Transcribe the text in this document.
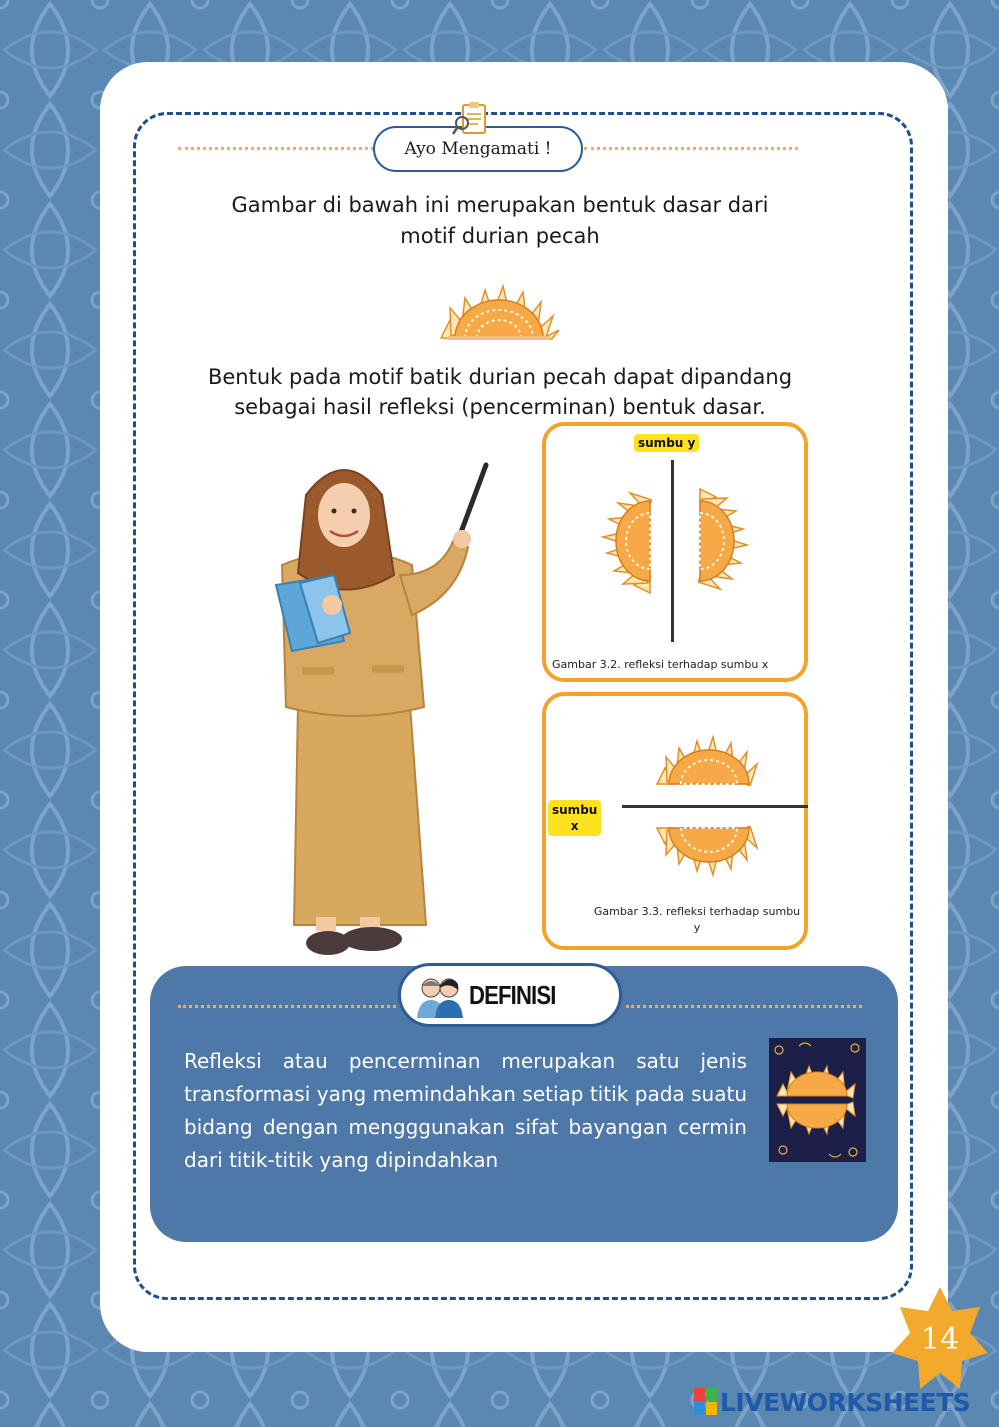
Ayo Mengamati !
Gambar di bawah ini merupakan bentuk dasar dari
motif durian pecah
Bentuk pada motif batik durian pecah dapat dipandang
sebagai hasil refleksi (pencerminan) bentuk dasar.
sumbu y
Gambar 3.2. refleksi terhadap sumbu x
sumbu
x
Gambar 3.3. refleksi terhadap sumbu
y
DEFINISI
Refleksi atau pencerminan merupakan satu jenis transformasi yang memindahkan setiap titik pada suatu bidang dengan mengggunakan sifat bayangan cermin dari titik-titik yang dipindahkan
14
LIVEWORKSHEETS
